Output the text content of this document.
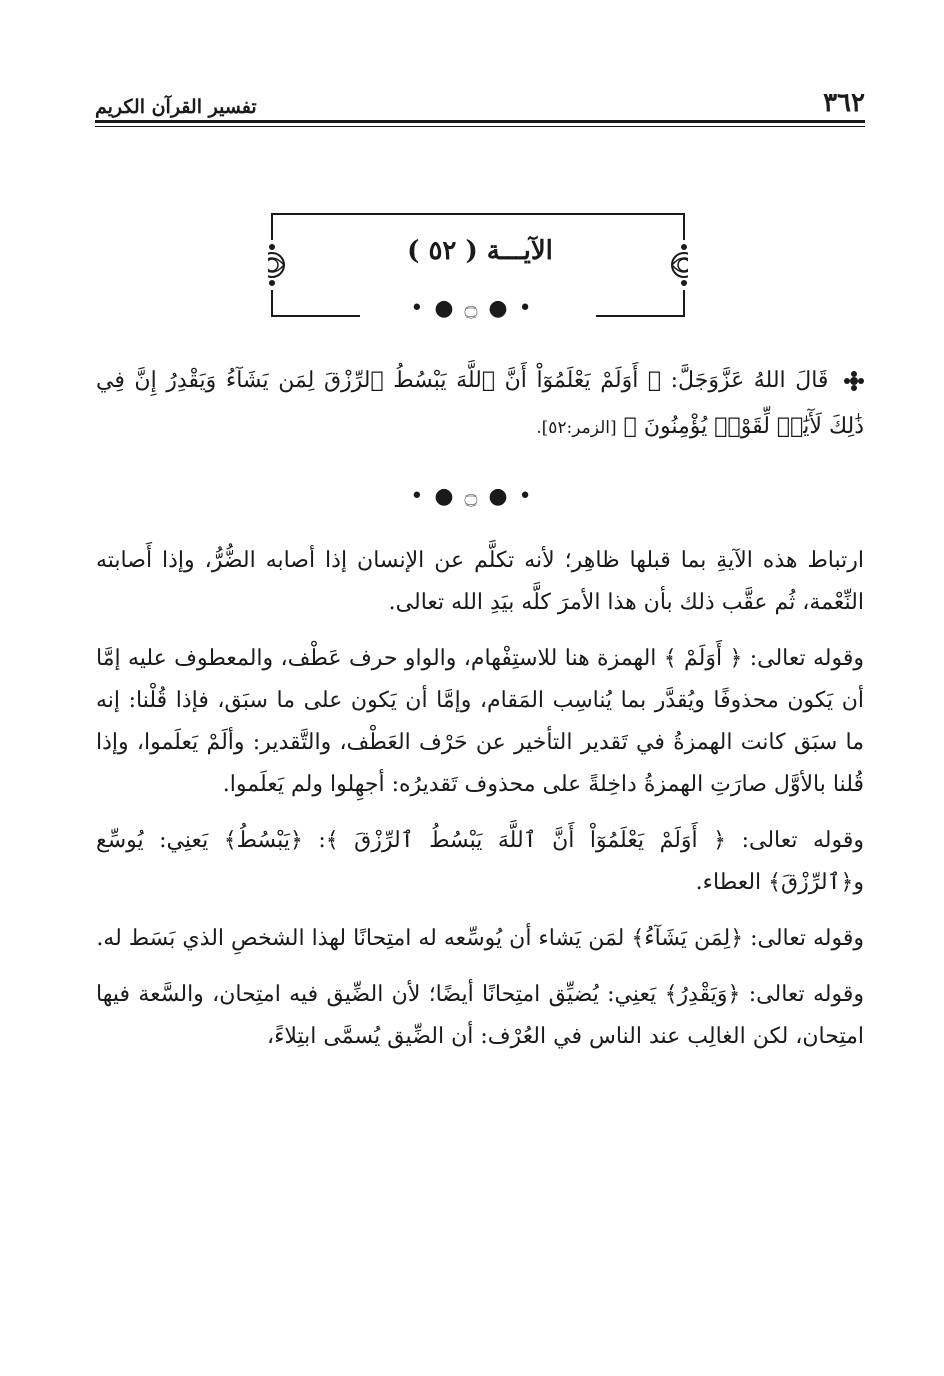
٣٦٢
تفسير القرآن الكريم
الآيـــة ( ٥٢ )
• ● ۝ ● •
قَالَ اللهُ عَزَّوَجَلَّ: ﴿ أَوَلَمْ يَعْلَمُوٓاْ أَنَّ ٱللَّهَ يَبْسُطُ ٱلرِّزْقَ لِمَن يَشَآءُ وَيَقْدِرُ إِنَّ فِي ذَٰلِكَ لَأٓيَٰتٖ لِّقَوْمٖ يُؤْمِنُونَ ﴾ [الزمر:٥٢].
• ● ۝ ● •

ارتباط هذه الآيةِ بما قبلها ظاهِر؛ لأنه تكلَّم عن الإنسان إذا أصابه الضُّرُّ، وإذا أَصابته النِّعْمة، ثُم عقَّب ذلك بأن هذا الأمرَ كلَّه بيَدِ الله تعالى.

وقوله تعالى: ﴿ أَوَلَمْ ﴾ الهمزة هنا للاستِفْهام، والواو حرف عَطْف، والمعطوف عليه إمَّا أن يَكون محذوفًا ويُقدَّر بما يُناسِب المَقام، وإمَّا أن يَكون على ما سبَق، فإذا قُلْنا: إنه ما سبَق كانت الهمزةُ في تَقدير التأخير عن حَرْف العَطْف، والتَّقدير: وألَمْ يَعلَموا، وإذا قُلنا بالأوَّل صارَتِ الهمزةُ داخِلةً على محذوف تَقديرُه: أجهِلوا ولم يَعلَموا.

وقوله تعالى: ﴿ أَوَلَمْ يَعْلَمُوٓاْ أَنَّ ٱللَّهَ يَبْسُطُ ٱلرِّزْقَ ﴾: ﴿يَبْسُطُ﴾ يَعنِي: يُوسِّع و﴿ٱلرِّزْقَ﴾ العطاء.

وقوله تعالى: ﴿لِمَن يَشَآءُ﴾ لمَن يَشاء أن يُوسِّعه له امتِحانًا لهذا الشخصِ الذي بَسَط له.

وقوله تعالى: ﴿وَيَقْدِرُ﴾ يَعنِي: يُضيِّق امتِحانًا أيضًا؛ لأن الضِّيق فيه امتِحان، والسَّعة فيها امتِحان، لكن الغالِب عند الناس في العُرْف: أن الضِّيق يُسمَّى ابتِلاءً،
